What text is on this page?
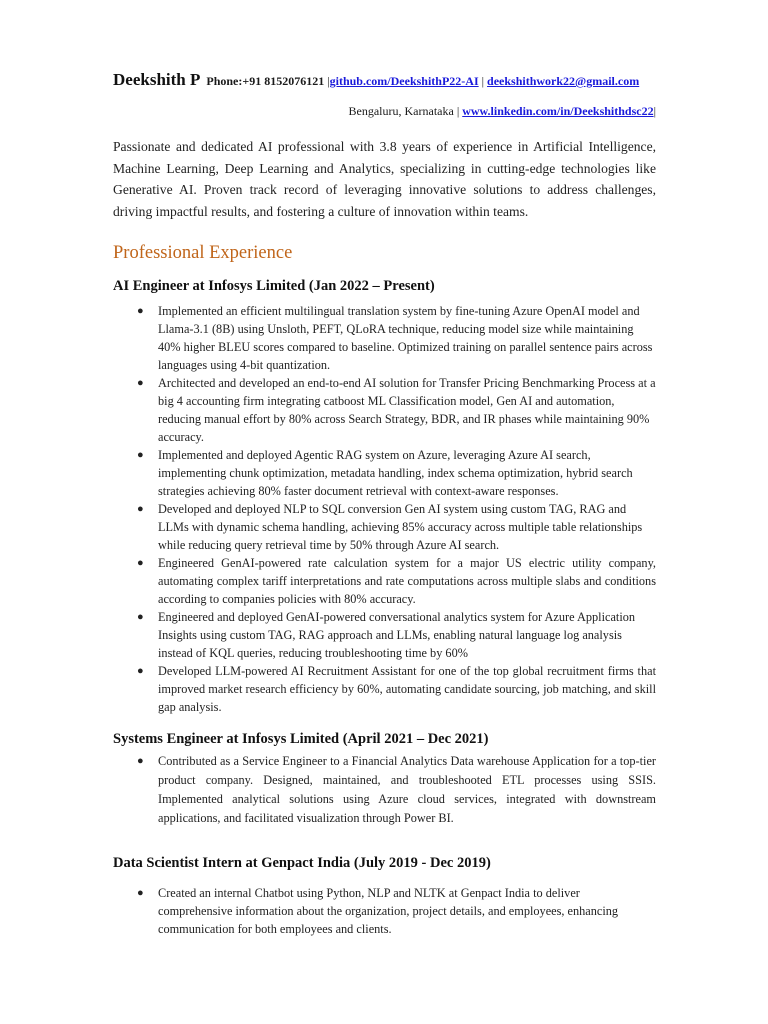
Deekshith P Phone:+91 8152076121 |github.com/DeekshithP22-AI | deekshithwork22@gmail.com
Bengaluru, Karnataka | www.linkedin.com/in/Deekshithdsc22|
Passionate and dedicated AI professional with 3.8 years of experience in Artificial Intelligence, Machine Learning, Deep Learning and Analytics, specializing in cutting-edge technologies like Generative AI. Proven track record of leveraging innovative solutions to address challenges, driving impactful results, and fostering a culture of innovation within teams.
Professional Experience
AI Engineer at Infosys Limited (Jan 2022 – Present)
● Implemented an efficient multilingual translation system by fine-tuning Azure OpenAI model and Llama-3.1 (8B) using Unsloth, PEFT, QLoRA technique, reducing model size while maintaining 40% higher BLEU scores compared to baseline. Optimized training on parallel sentence pairs across languages using 4-bit quantization.
● Architected and developed an end-to-end AI solution for Transfer Pricing Benchmarking Process at a big 4 accounting firm integrating catboost ML Classification model, Gen AI and automation, reducing manual effort by 80% across Search Strategy, BDR, and IR phases while maintaining 90% accuracy.
● Implemented and deployed Agentic RAG system on Azure, leveraging Azure AI search, implementing chunk optimization, metadata handling, index schema optimization, hybrid search strategies achieving 80% faster document retrieval with context-aware responses.
● Developed and deployed NLP to SQL conversion Gen AI system using custom TAG, RAG and LLMs with dynamic schema handling, achieving 85% accuracy across multiple table relationships while reducing query retrieval time by 50% through Azure AI search.
● Engineered GenAI-powered rate calculation system for a major US electric utility company, automating complex tariff interpretations and rate computations across multiple slabs and conditions according to companies policies with 80% accuracy.
● Engineered and deployed GenAI-powered conversational analytics system for Azure Application Insights using custom TAG, RAG approach and LLMs, enabling natural language log analysis instead of KQL queries, reducing troubleshooting time by 60%
● Developed LLM-powered AI Recruitment Assistant for one of the top global recruitment firms that improved market research efficiency by 60%, automating candidate sourcing, job matching, and skill gap analysis.
Systems Engineer at Infosys Limited (April 2021 – Dec 2021)
● Contributed as a Service Engineer to a Financial Analytics Data warehouse Application for a top-tier product company. Designed, maintained, and troubleshooted ETL processes using SSIS. Implemented analytical solutions using Azure cloud services, integrated with downstream applications, and facilitated visualization through Power BI.
Data Scientist Intern at Genpact India (July 2019 - Dec 2019)
● Created an internal Chatbot using Python, NLP and NLTK at Genpact India to deliver comprehensive information about the organization, project details, and employees, enhancing communication for both employees and clients.
